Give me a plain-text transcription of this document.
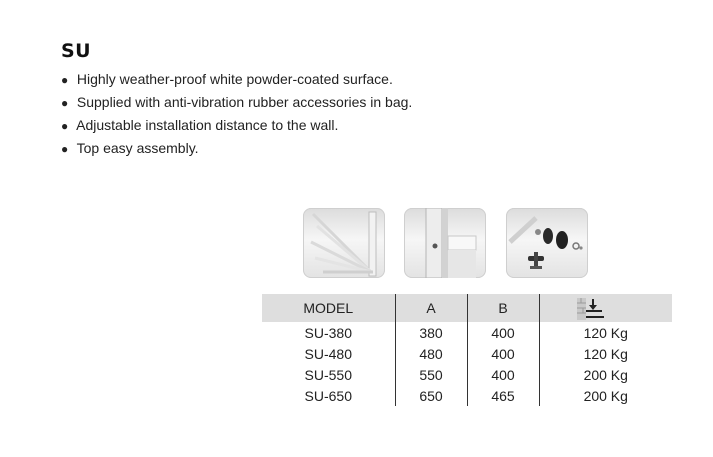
SU
● Highly weather-proof white powder-coated surface.
● Supplied with anti-vibration rubber accessories in bag.
● Adjustable installation distance to the wall.
● Top easy assembly.
MODEL	A	B	
SU-380	380	400	120 Kg
SU-480	480	400	120 Kg
SU-550	550	400	200 Kg
SU-650	650	465	200 Kg
